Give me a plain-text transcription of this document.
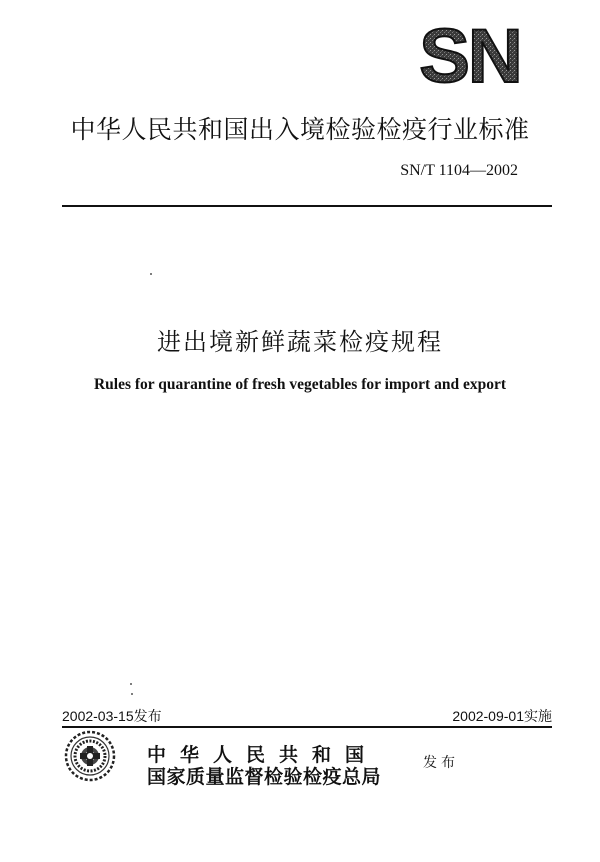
SN
中华人民共和国出入境检验检疫行业标准
SN/T 1104—2002
进出境新鲜蔬菜检疫规程
Rules for quarantine of fresh vegetables for import and export
2002-03-15发布	2002-09-01实施
中华人民共和国
国家质量监督检验检疫总局
发布
